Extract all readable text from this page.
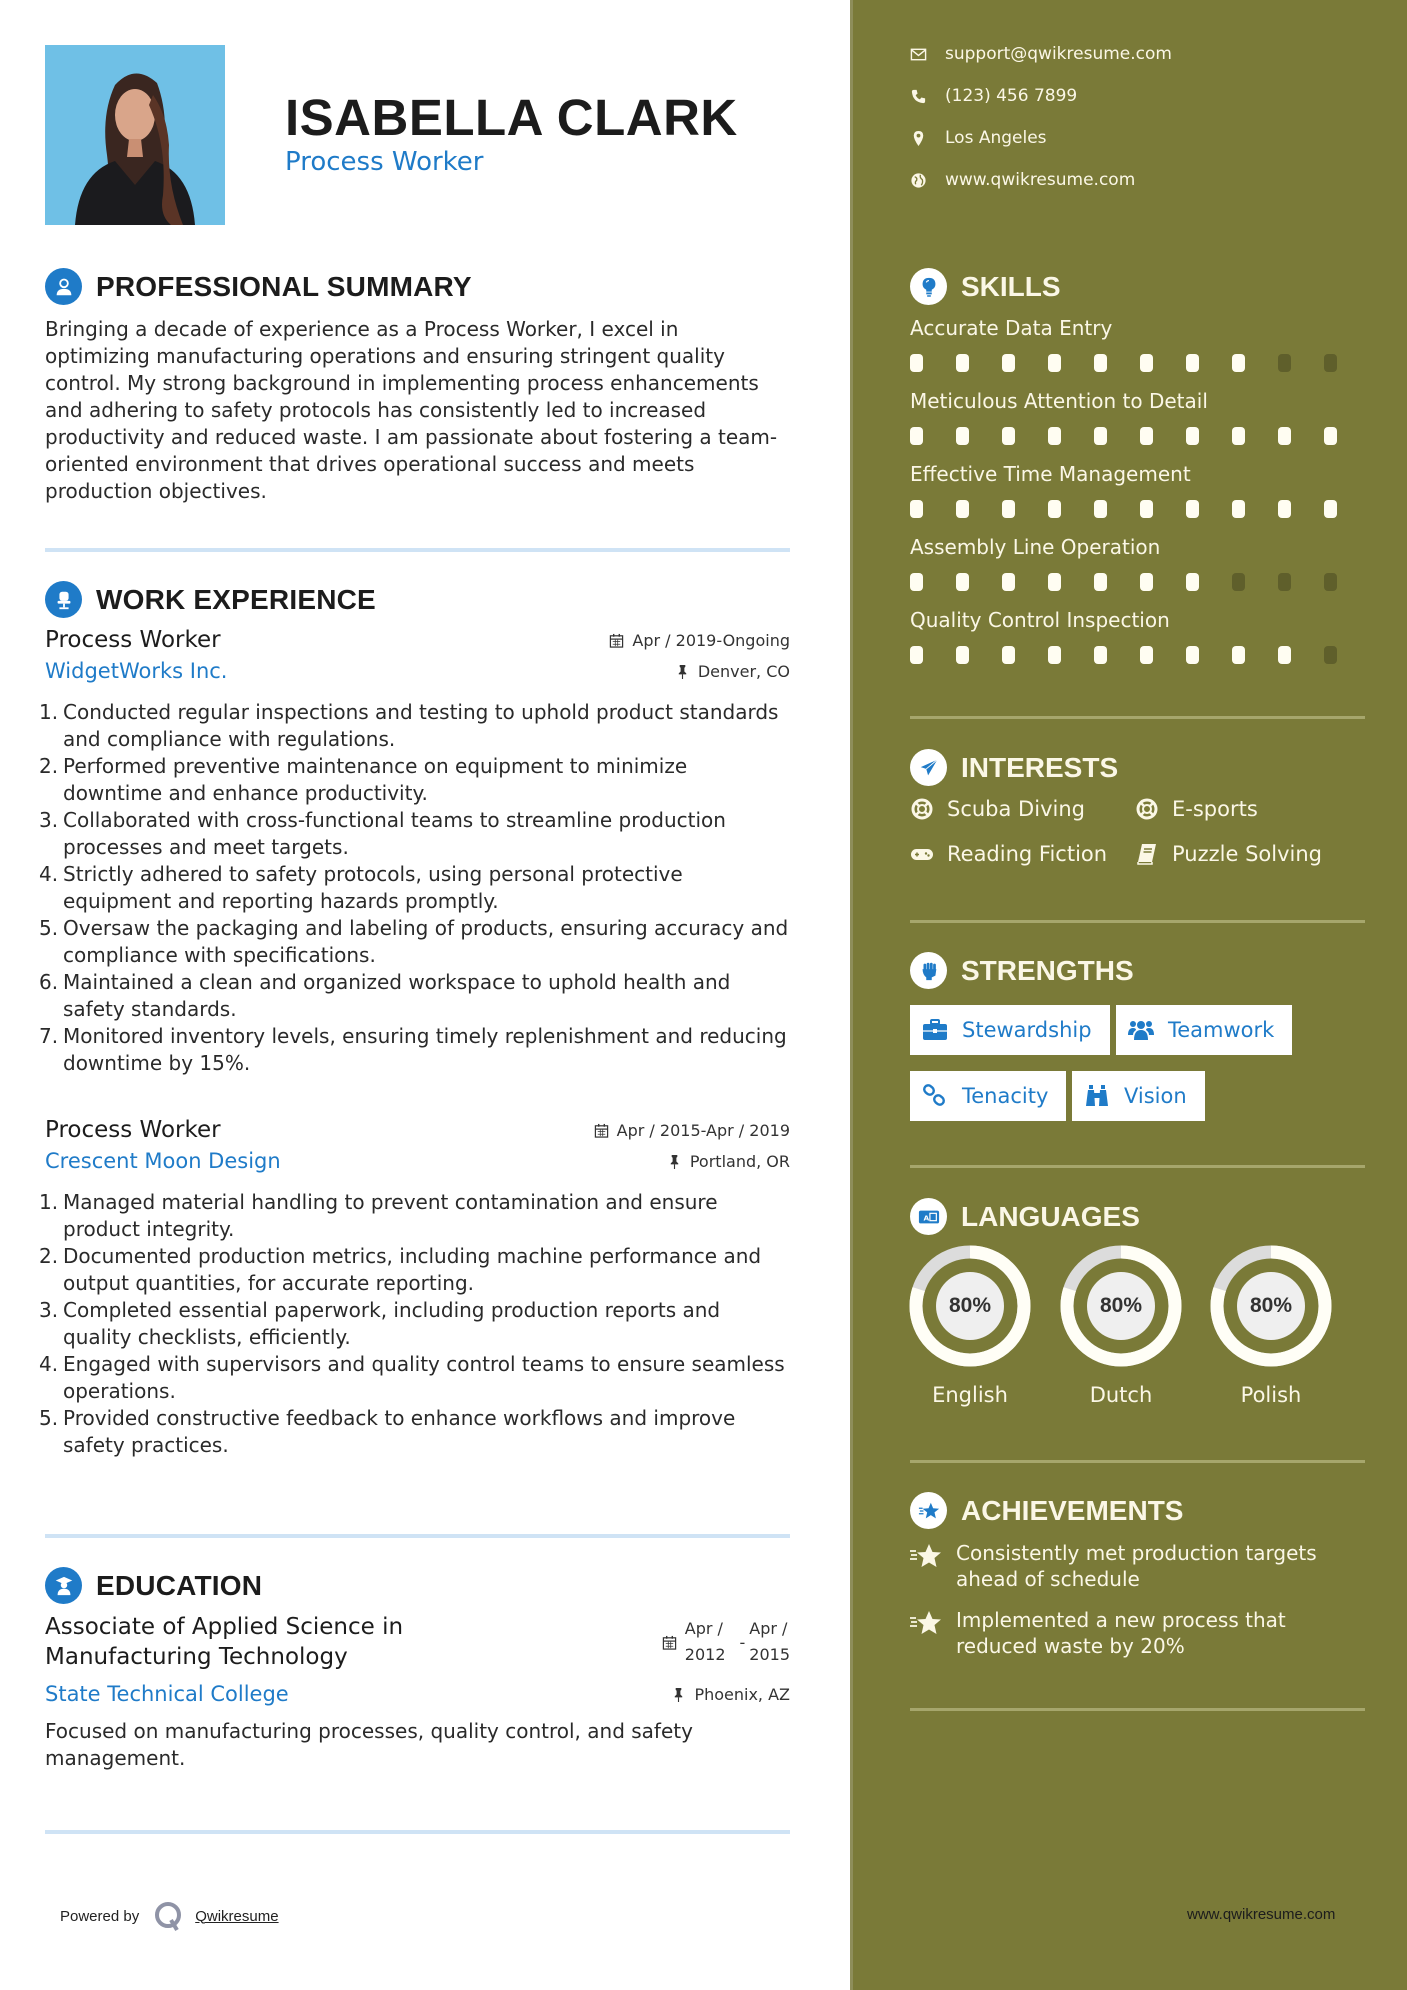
ISABELLA CLARK
Process Worker
PROFESSIONAL SUMMARY

Bringing a decade of experience as a Process Worker, I excel in optimizing manufacturing operations and ensuring stringent quality control. My strong background in implementing process enhancements and adhering to safety protocols has consistently led to increased productivity and reduced waste. I am passionate about fostering a team-oriented environment that drives operational success and meets production objectives.

WORK EXPERIENCE
Process Worker	Apr / 2019-Ongoing
WidgetWorks Inc.	Denver, CO
1. Conducted regular inspections and testing to uphold product standards and compliance with regulations.
2. Performed preventive maintenance on equipment to minimize downtime and enhance productivity.
3. Collaborated with cross-functional teams to streamline production processes and meet targets.
4. Strictly adhered to safety protocols, using personal protective equipment and reporting hazards promptly.
5. Oversaw the packaging and labeling of products, ensuring accuracy and compliance with specifications.
6. Maintained a clean and organized workspace to uphold health and safety standards.
7. Monitored inventory levels, ensuring timely replenishment and reducing downtime by 15%.
Process Worker	Apr / 2015-Apr / 2019
Crescent Moon Design	Portland, OR
1. Managed material handling to prevent contamination and ensure product integrity.
2. Documented production metrics, including machine performance and output quantities, for accurate reporting.
3. Completed essential paperwork, including production reports and quality checklists, efficiently.
4. Engaged with supervisors and quality control teams to ensure seamless operations.
5. Provided constructive feedback to enhance workflows and improve safety practices.
EDUCATION
Associate of Applied Science in
Manufacturing Technology
Apr /
2012
-
Apr /
2015
State Technical College	Phoenix, AZ

Focused on manufacturing processes, quality control, and safety management.

Powered by	Qwikresume
support@qwikresume.com
(123) 456 7899
Los Angeles
www.qwikresume.com
SKILLS
Accurate Data Entry
Meticulous Attention to Detail
Effective Time Management
Assembly Line Operation
Quality Control Inspection
INTERESTS
Scuba Diving	E-sports
Reading Fiction	Puzzle Solving
STRENGTHS
Stewardship	Teamwork
Tenacity	Vision
A LANGUAGES
80%
English
80%
Dutch
80%
Polish
ACHIEVEMENTS
Consistently met production targets ahead of schedule
Implemented a new process that reduced waste by 20%
www.qwikresume.com
